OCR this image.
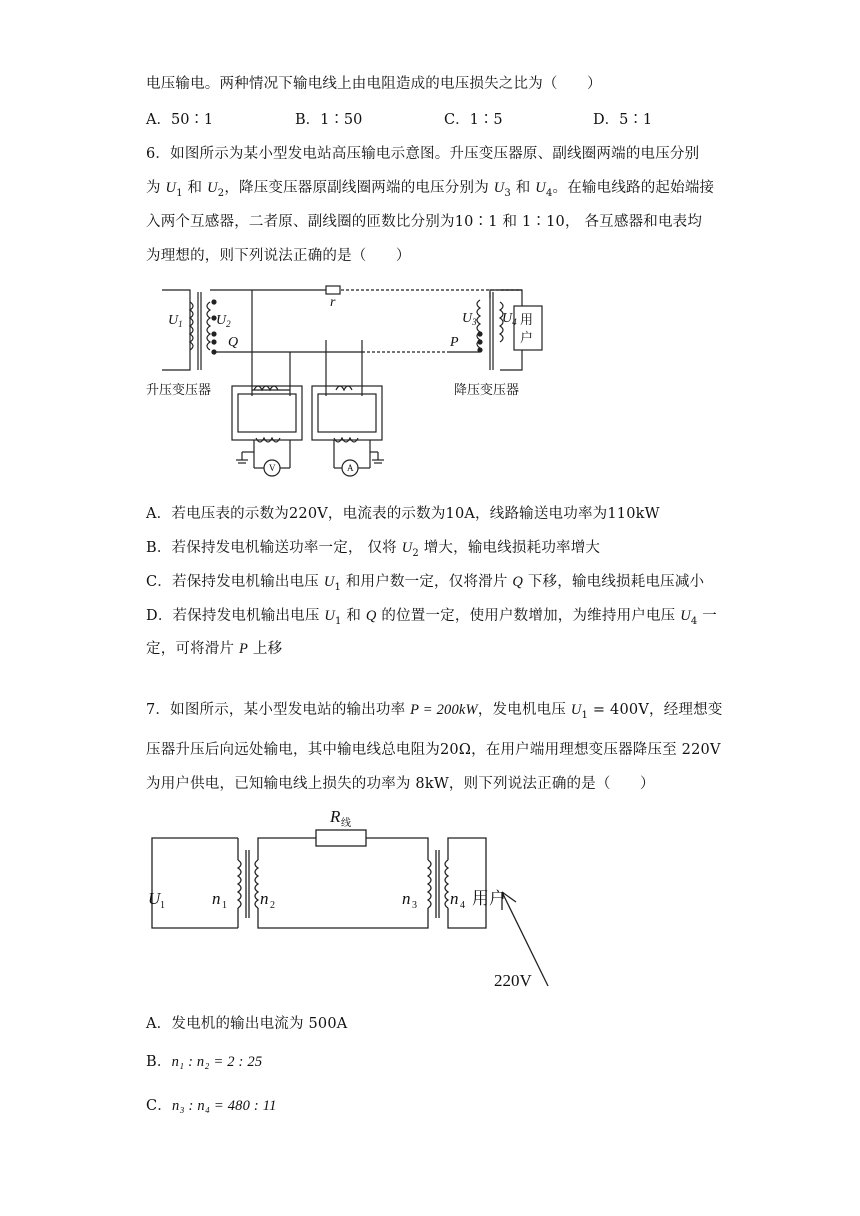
电压输电。两种情况下输电线上由电阻造成的电压损失之比为（　　）
A．50∶1	B．1∶50	C．1∶5	D．5∶1
6．如图所示为某小型发电站高压输电示意图。升压变压器原、副线圈两端的电压分别
为 $U_1$ 和 $U_2$，降压变压器原副线圈两端的电压分别为 $U_3$ 和 $U_4$。在输电线路的起始端接
入两个互感器，二者原、副线圈的匝数比分别为10∶1 和 1∶10， 各互感器和电表均
为理想的，则下列说法正确的是（　　）
$U_1$ $U_2$
Q
r
$U_3$ $U_4$
P
V	A
用
户
升压变压器	降压变压器
A．若电压表的示数为220V，电流表的示数为10A，线路输送电功率为110kW
B．若保持发电机输送功率一定， 仅将 $U_2$ 增大，输电线损耗功率增大
C．若保持发电机输出电压 $U_1$ 和用户数一定，仅将滑片 Q 下移，输电线损耗电压减小
D．若保持发电机输出电压 $U_1$ 和 Q 的位置一定，使用户数增加，为维持用户电压 $U_4$ 一
定，可将滑片 P 上移
7．如图所示，某小型发电站的输出功率 P = 200kW，发电机电压 $U_1 = 400V$，经理想变
压器升压后向远处输电，其中输电线总电阻为20Ω，在用户端用理想变压器降压至 220V
为用户供电，已知输电线上损失的功率为 8kW，则下列说法正确的是（　　）
U 1	n 1 n 2	n 3 n 4
R 线
用户
220V
A．发电机的输出电流为 500A
B．n₁ : n₂ = 2 : 25
C．n₃ : n₄ = 480 : 11
